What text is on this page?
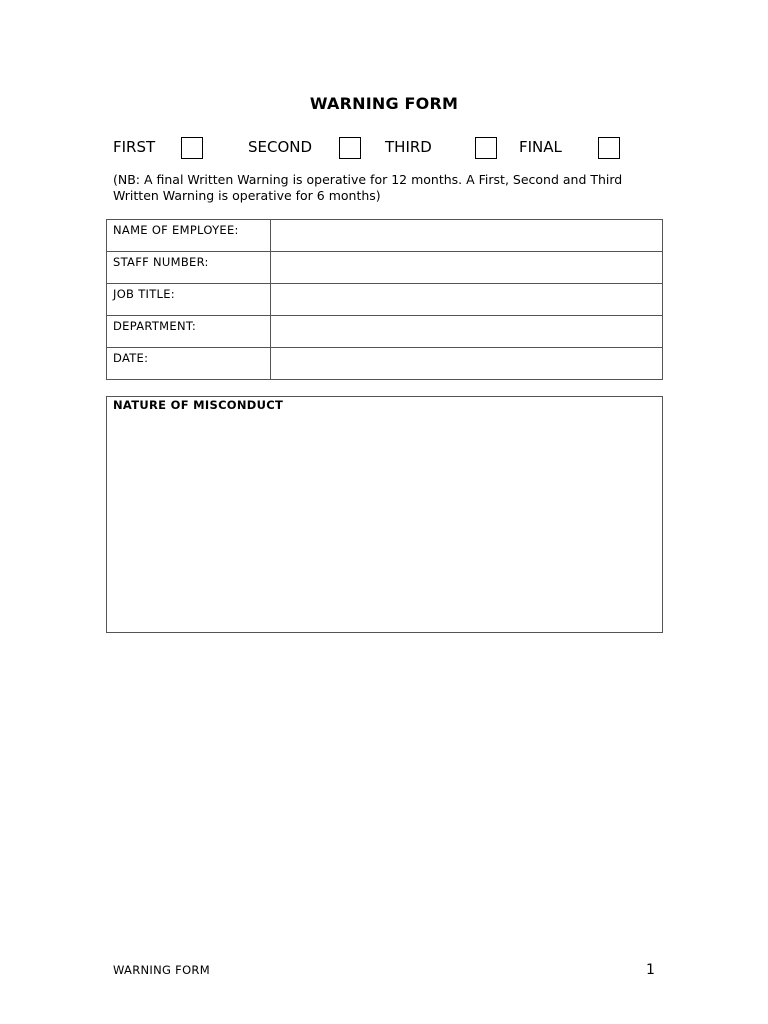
WARNING FORM
FIRST	SECOND	THIRD	FINAL
(NB: A final Written Warning is operative for 12 months. A First, Second and Third
Written Warning is operative for 6 months)
NAME OF EMPLOYEE:	
STAFF NUMBER:	
JOB TITLE:	
DEPARTMENT:	
DATE:	
NATURE OF MISCONDUCT
WARNING FORM	1
